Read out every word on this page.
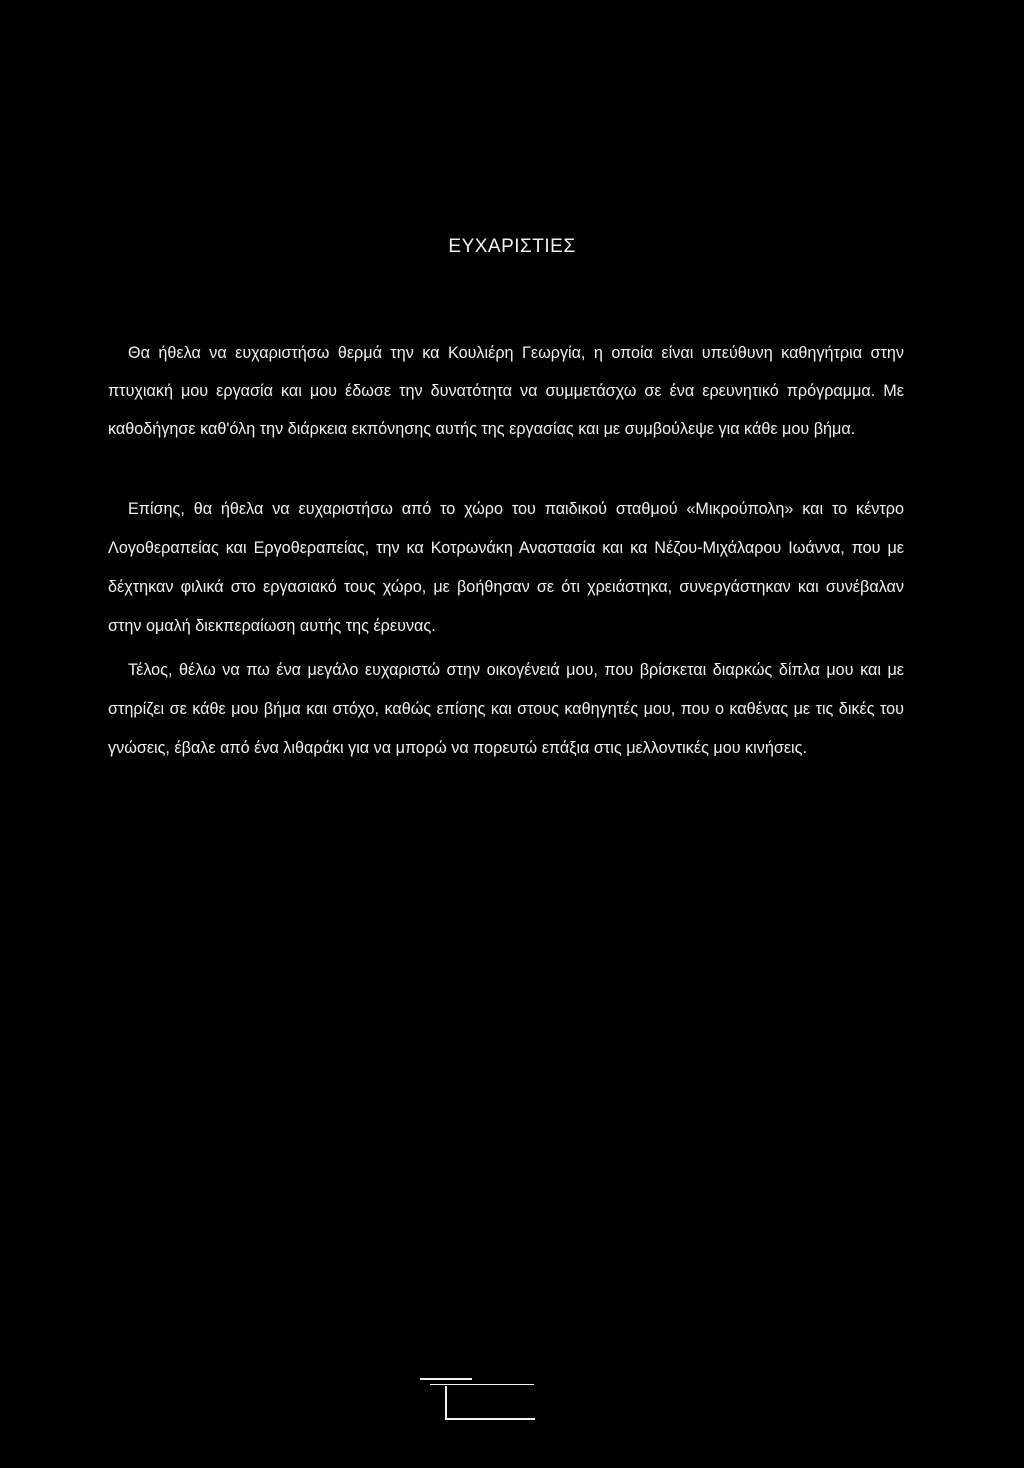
ΕΥΧΑΡΙΣΤΙΕΣ

Θα ήθελα να ευχαριστήσω θερμά την κα Κουλιέρη Γεωργία, η οποία είναι υπεύθυνη καθηγήτρια στην πτυχιακή μου εργασία και μου έδωσε την δυνατότητα να συμμετάσχω σε ένα ερευνητικό πρόγραμμα. Με καθοδήγησε καθ'όλη την διάρκεια εκπόνησης αυτής της εργασίας και με συμβούλεψε για κάθε μου βήμα.

Επίσης, θα ήθελα να ευχαριστήσω από το χώρο του παιδικού σταθμού «Μικρούπολη» και το κέντρο Λογοθεραπείας και Εργοθεραπείας, την κα Κοτρωνάκη Αναστασία και κα Νέζου-Μιχάλαρου Ιωάννα, που με δέχτηκαν φιλικά στο εργασιακό τους χώρο, με βοήθησαν σε ότι χρειάστηκα, συνεργάστηκαν και συνέβαλαν στην ομαλή διεκπεραίωση αυτής της έρευνας.

Τέλος, θέλω να πω ένα μεγάλο ευχαριστώ στην οικογένειά μου, που βρίσκεται διαρκώς δίπλα μου και με στηρίζει σε κάθε μου βήμα και στόχο, καθώς επίσης και στους καθηγητές μου, που ο καθένας με τις δικές του γνώσεις, έβαλε από ένα λιθαράκι για να μπορώ να πορευτώ επάξια στις μελλοντικές μου κινήσεις.
